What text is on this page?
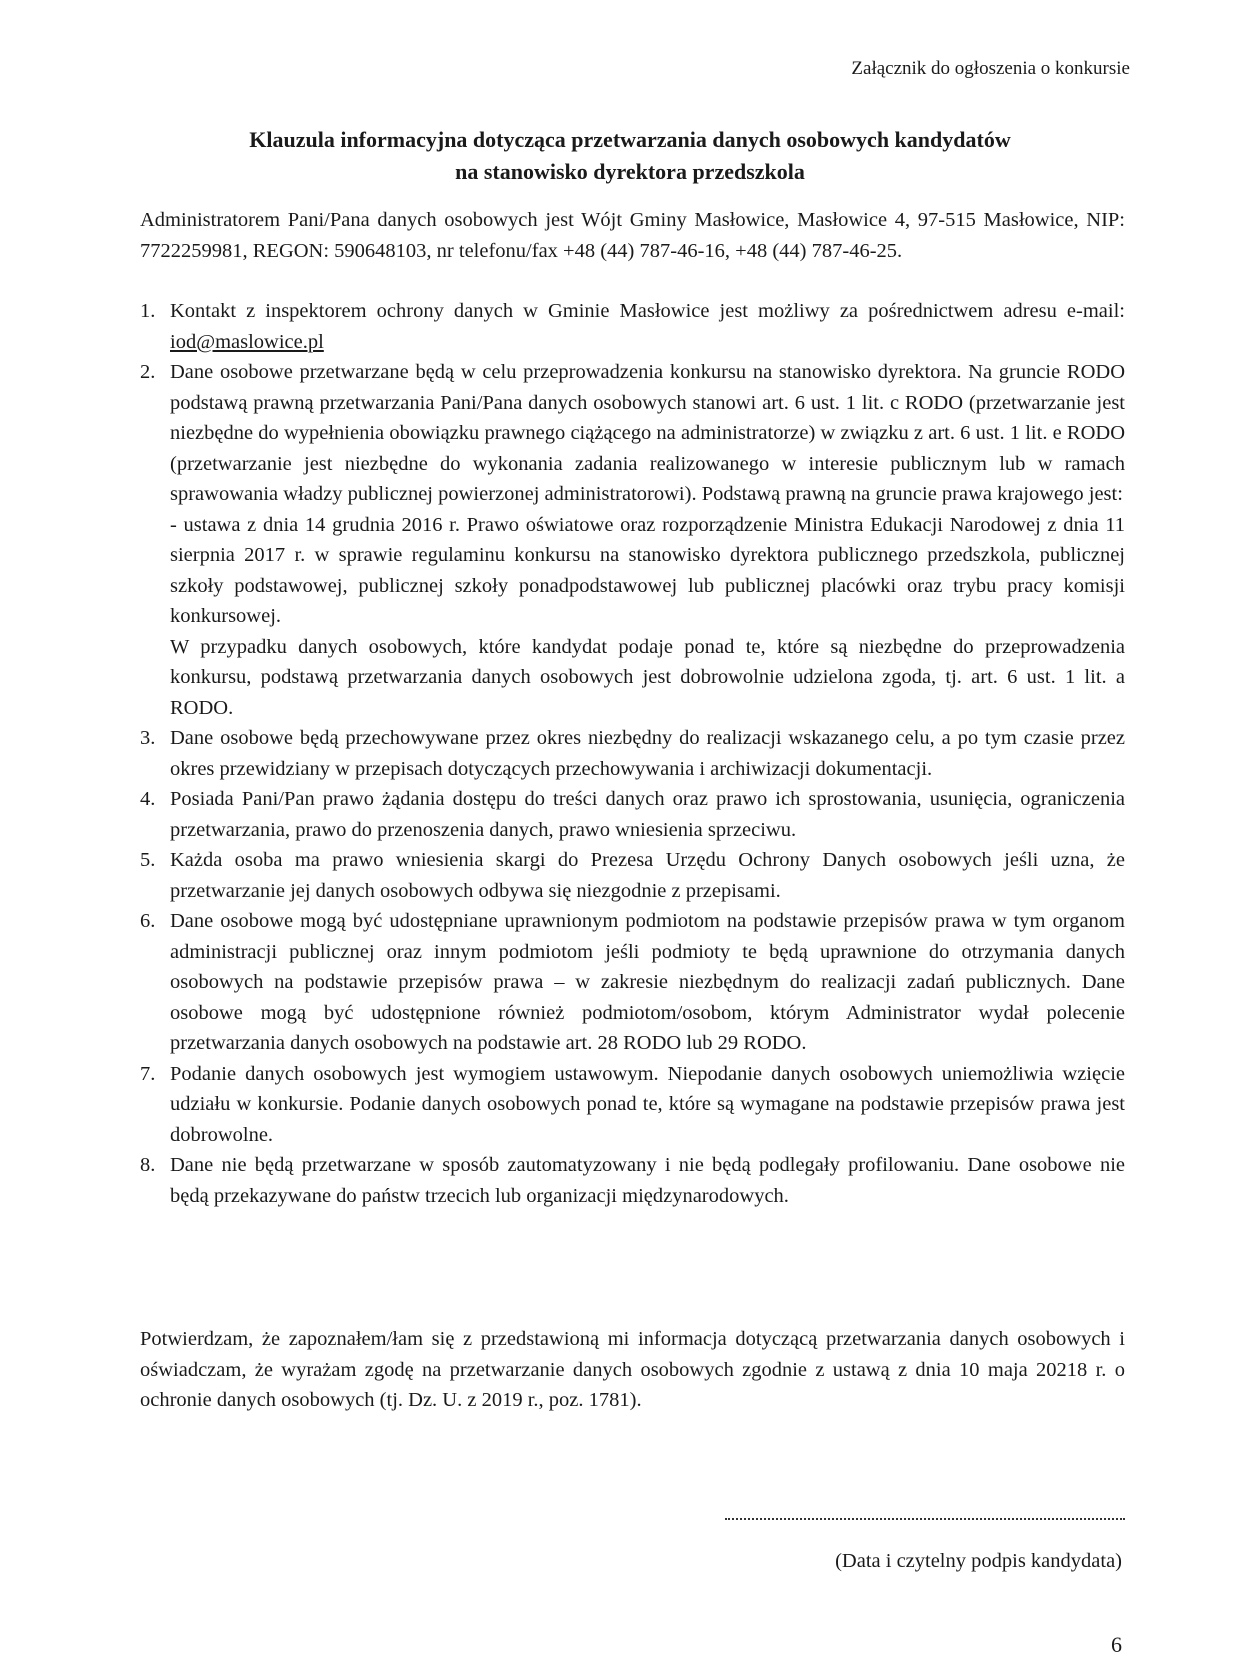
Załącznik do ogłoszenia o konkursie
Klauzula informacyjna dotycząca przetwarzania danych osobowych kandydatów
na stanowisko dyrektora przedszkola
Administratorem Pani/Pana danych osobowych jest Wójt Gminy Masłowice, Masłowice 4, 97-515 Masłowice, NIP: 7722259981, REGON: 590648103, nr telefonu/fax +48 (44) 787-46-16, +48 (44) 787-46-25.
1. Kontakt z inspektorem ochrony danych w Gminie Masłowice jest możliwy za pośrednictwem adresu e-mail: iod@maslowice.pl
2. Dane osobowe przetwarzane będą w celu przeprowadzenia konkursu na stanowisko dyrektora. Na gruncie RODO podstawą prawną przetwarzania Pani/Pana danych osobowych stanowi art. 6 ust. 1 lit. c RODO (przetwarzanie jest niezbędne do wypełnienia obowiązku prawnego ciążącego na administratorze) w związku z art. 6 ust. 1 lit. e RODO (przetwarzanie jest niezbędne do wykonania zadania realizowanego w interesie publicznym lub w ramach sprawowania władzy publicznej powierzonej administratorowi). Podstawą prawną na gruncie prawa krajowego jest:

- ustawa z dnia 14 grudnia 2016 r. Prawo oświatowe oraz rozporządzenie Ministra Edukacji Narodowej z dnia 11 sierpnia 2017 r. w sprawie regulaminu konkursu na stanowisko dyrektora publicznego przedszkola, publicznej szkoły podstawowej, publicznej szkoły ponadpodstawowej lub publicznej placówki oraz trybu pracy komisji konkursowej.

W przypadku danych osobowych, które kandydat podaje ponad te, które są niezbędne do przeprowadzenia konkursu, podstawą przetwarzania danych osobowych jest dobrowolnie udzielona zgoda, tj. art. 6 ust. 1 lit. a RODO.

3. Dane osobowe będą przechowywane przez okres niezbędny do realizacji wskazanego celu, a po tym czasie przez okres przewidziany w przepisach dotyczących przechowywania i archiwizacji dokumentacji.
4. Posiada Pani/Pan prawo żądania dostępu do treści danych oraz prawo ich sprostowania, usunięcia, ograniczenia przetwarzania, prawo do przenoszenia danych, prawo wniesienia sprzeciwu.
5. Każda osoba ma prawo wniesienia skargi do Prezesa Urzędu Ochrony Danych osobowych jeśli uzna, że przetwarzanie jej danych osobowych odbywa się niezgodnie z przepisami.
6. Dane osobowe mogą być udostępniane uprawnionym podmiotom na podstawie przepisów prawa w tym organom administracji publicznej oraz innym podmiotom jeśli podmioty te będą uprawnione do otrzymania danych osobowych na podstawie przepisów prawa – w zakresie niezbędnym do realizacji zadań publicznych. Dane osobowe mogą być udostępnione również podmiotom/osobom, którym Administrator wydał polecenie przetwarzania danych osobowych na podstawie art. 28 RODO lub 29 RODO.
7. Podanie danych osobowych jest wymogiem ustawowym. Niepodanie danych osobowych uniemożliwia wzięcie udziału w konkursie. Podanie danych osobowych ponad te, które są wymagane na podstawie przepisów prawa jest dobrowolne.
8. Dane nie będą przetwarzane w sposób zautomatyzowany i nie będą podlegały profilowaniu. Dane osobowe nie będą przekazywane do państw trzecich lub organizacji międzynarodowych.
Potwierdzam, że zapoznałem/łam się z przedstawioną mi informacja dotyczącą przetwarzania danych osobowych i oświadczam, że wyrażam zgodę na przetwarzanie danych osobowych zgodnie z ustawą z dnia 10 maja 20218 r. o ochronie danych osobowych (tj. Dz. U. z 2019 r., poz. 1781).
(Data i czytelny podpis kandydata)
6
